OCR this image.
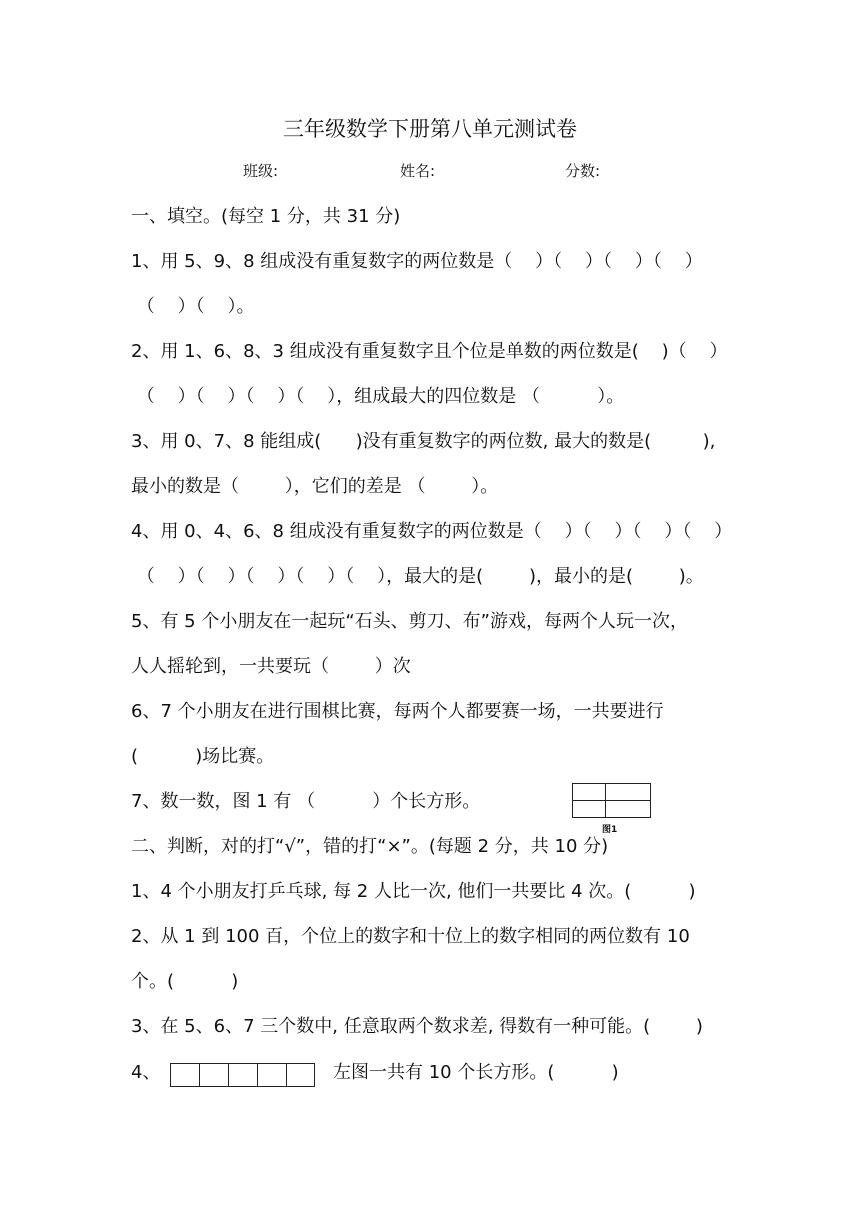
三年级数学下册第八单元测试卷
班级:	姓名:	分数:
一、填空。(每空 1 分，共 31 分)
1、用 5、9、8 组成没有重复数字的两位数是（    ）（    ）（    ）（    ）
（    ）（    ）。
2、用 1、6、8、3 组成没有重复数字且个位是单数的两位数是(    )（    ）
（    ）（    ）（    ）（    ），组成最大的四位数是 （          ）。
3、用 0、7、8 能组成(      )没有重复数字的两位数, 最大的数是(         ),
最小的数是（        ），它们的差是 （        ）。
4、用 0、4、6、8 组成没有重复数字的两位数是（    ）（    ）（    ）（    ）
（    ）（    ）（    ）（    ）（    ），最大的是(        )，最小的是(        )。
5、有 5 个小朋友在一起玩“石头、剪刀、布”游戏，每两个人玩一次，
人人摇轮到，一共要玩（        ）次
6、7 个小朋友在进行围棋比赛，每两个人都要赛一场，一共要进行
(          )场比赛。
7、数一数，图 1 有 （          ）个长方形。
图1
二、判断，对的打“√”，错的打“×”。(每题 2 分，共 10 分)
1、4 个小朋友打乒乓球, 每 2 人比一次, 他们一共要比 4 次。(          )
2、从 1 到 100 百，个位上的数字和十位上的数字相同的两位数有 10
个。(          )
3、在 5、6、7 三个数中, 任意取两个数求差, 得数有一种可能。(        )
4、	左图一共有 10 个长方形。(          )
